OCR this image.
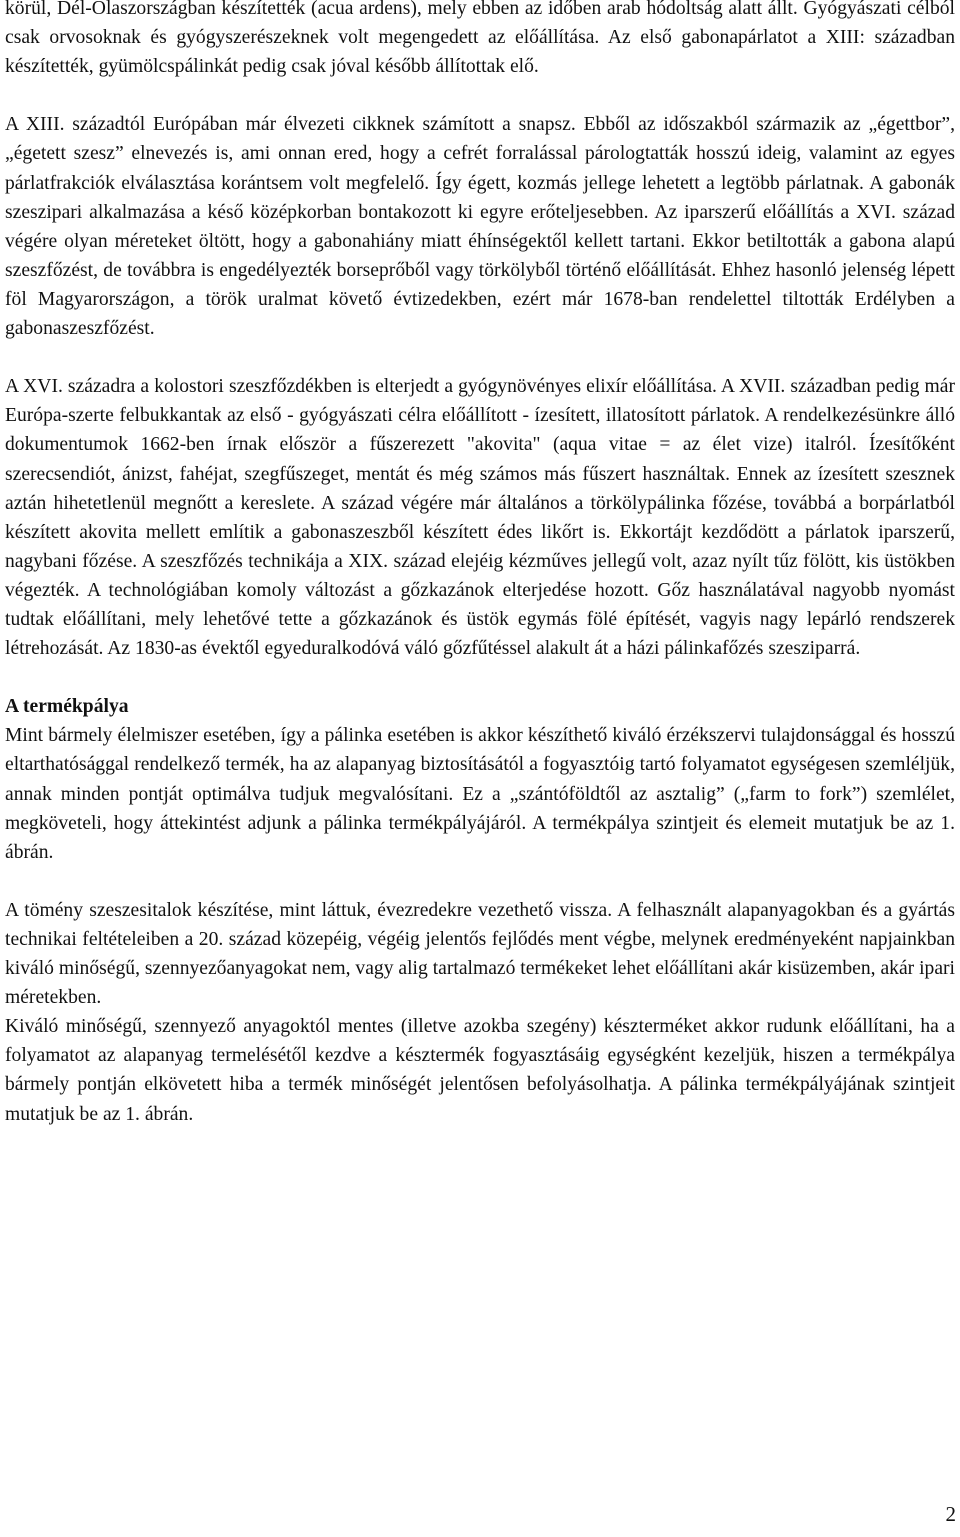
körül, Dél-Olaszországban készítették (acua ardens), mely ebben az időben arab hódoltság alatt állt. Gyógyászati célból csak orvosoknak és gyógyszerészeknek volt megengedett az előállítása. Az első gabonapárlatot a XIII: században készítették, gyümölcspálinkát pedig csak jóval később állítottak elő.

A XIII. századtól Európában már élvezeti cikknek számított a snapsz. Ebből az időszakból származik az „égettbor”, „égetett szesz” elnevezés is, ami onnan ered, hogy a cefrét forralással párologtatták hosszú ideig, valamint az egyes párlatfrakciók elválasztása korántsem volt megfelelő. Így égett, kozmás jellege lehetett a legtöbb párlatnak. A gabonák szeszipari alkalmazása a késő középkorban bontakozott ki egyre erőteljesebben. Az iparszerű előállítás a XVI. század végére olyan méreteket öltött, hogy a gabonahiány miatt éhínségektől kellett tartani. Ekkor betiltották a gabona alapú szeszfőzést, de továbbra is engedélyezték borseprőből vagy törkölyből történő előállítását. Ehhez hasonló jelenség lépett föl Magyarországon, a török uralmat követő évtizedekben, ezért már 1678-ban rendelettel tiltották Erdélyben a gabonaszeszfőzést.

A XVI. századra a kolostori szeszfőzdékben is elterjedt a gyógynövényes elixír előállítása. A XVII. században pedig már Európa-szerte felbukkantak az első - gyógyászati célra előállított - ízesített, illatosított párlatok. A rendelkezésünkre álló dokumentumok 1662-ben írnak először a fűszerezett "akovita" (aqua vitae = az élet vize) italról. Ízesítőként szerecsendiót, ánizst, fahéjat, szegfűszeget, mentát és még számos más fűszert használtak. Ennek az ízesített szesznek aztán hihetetlenül megnőtt a kereslete. A század végére már általános a törkölypálinka főzése, továbbá a borpárlatból készített akovita mellett említik a gabonaszeszből készített édes likőrt is. Ekkortájt kezdődött a párlatok iparszerű, nagybani főzése. A szeszfőzés technikája a XIX. század elejéig kézműves jellegű volt, azaz nyílt tűz fölött, kis üstökben végezték. A technológiában komoly változást a gőzkazánok elterjedése hozott. Gőz használatával nagyobb nyomást tudtak előállítani, mely lehetővé tette a gőzkazánok és üstök egymás fölé építését, vagyis nagy lepárló rendszerek létrehozását. Az 1830-as évektől egyeduralkodóvá váló gőzfűtéssel alakult át a házi pálinkafőzés szesziparrá.

A termékpálya

Mint bármely élelmiszer esetében, így a pálinka esetében is akkor készíthető kiváló érzékszervi tulajdonsággal és hosszú eltarthatósággal rendelkező termék, ha az alapanyag biztosításától a fogyasztóig tartó folyamatot egységesen szemléljük, annak minden pontját optimálva tudjuk megvalósítani. Ez a „szántóföldtől az asztalig” („farm to fork”) szemlélet, megköveteli, hogy áttekintést adjunk a pálinka termékpályájáról. A termékpálya szintjeit és elemeit mutatjuk be az 1. ábrán.

A tömény szeszesitalok készítése, mint láttuk, évezredekre vezethető vissza. A felhasznált alapanyagokban és a gyártás technikai feltételeiben a 20. század közepéig, végéig jelentős fejlődés ment végbe, melynek eredményeként napjainkban kiváló minőségű, szennyezőanyagokat nem, vagy alig tartalmazó termékeket lehet előállítani akár kisüzemben, akár ipari méretekben.

Kiváló minőségű, szennyező anyagoktól mentes (illetve azokba szegény) készterméket akkor rudunk előállítani, ha a folyamatot az alapanyag termelésétől kezdve a késztermék fogyasztásáig egységként kezeljük, hiszen a termékpálya bármely pontján elkövetett hiba a termék minőségét jelentősen befolyásolhatja. A pálinka termékpályájának szintjeit mutatjuk be az 1. ábrán.

2
